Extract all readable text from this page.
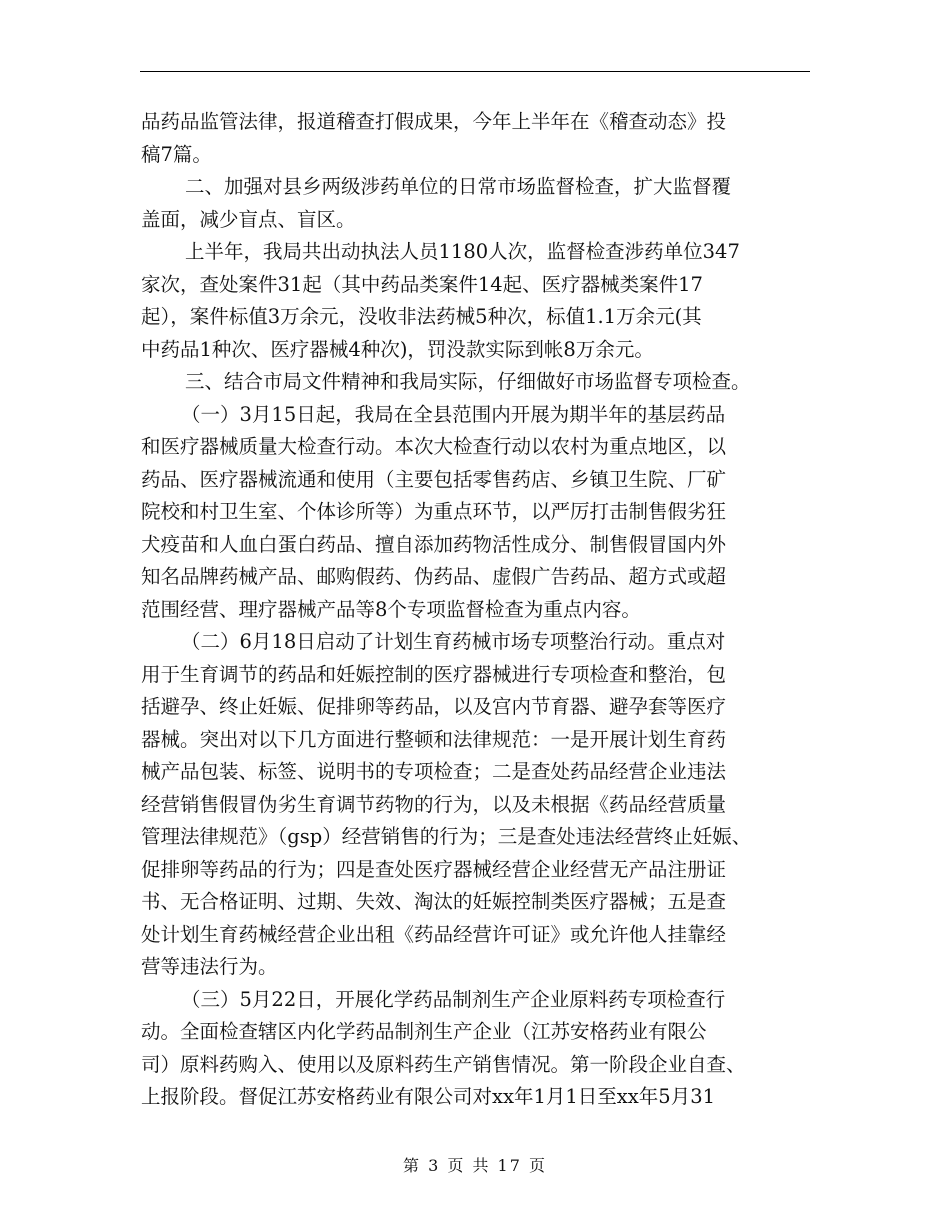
品药品监管法律，报道稽查打假成果，今年上半年在《稽查动态》投
稿7篇。
二、加强对县乡两级涉药单位的日常市场监督检查，扩大监督覆
盖面，减少盲点、盲区。
上半年，我局共出动执法人员1180人次，监督检查涉药单位347
家次，查处案件31起（其中药品类案件14起、医疗器械类案件17
起），案件标值3万余元，没收非法药械5种次，标值1.1万余元(其
中药品1种次、医疗器械4种次)，罚没款实际到帐8万余元。
三、结合市局文件精神和我局实际，仔细做好市场监督专项检查。
（一）3月15日起，我局在全县范围内开展为期半年的基层药品
和医疗器械质量大检查行动。本次大检查行动以农村为重点地区，以
药品、医疗器械流通和使用（主要包括零售药店、乡镇卫生院、厂矿
院校和村卫生室、个体诊所等）为重点环节，以严厉打击制售假劣狂
犬疫苗和人血白蛋白药品、擅自添加药物活性成分、制售假冒国内外
知名品牌药械产品、邮购假药、伪药品、虚假广告药品、超方式或超
范围经营、理疗器械产品等8个专项监督检查为重点内容。
（二）6月18日启动了计划生育药械市场专项整治行动。重点对
用于生育调节的药品和妊娠控制的医疗器械进行专项检查和整治，包
括避孕、终止妊娠、促排卵等药品，以及宫内节育器、避孕套等医疗
器械。突出对以下几方面进行整顿和法律规范：一是开展计划生育药
械产品包装、标签、说明书的专项检查；二是查处药品经营企业违法
经营销售假冒伪劣生育调节药物的行为，以及未根据《药品经营质量
管理法律规范》（gsp）经营销售的行为；三是查处违法经营终止妊娠、
促排卵等药品的行为；四是查处医疗器械经营企业经营无产品注册证
书、无合格证明、过期、失效、淘汰的妊娠控制类医疗器械；五是查
处计划生育药械经营企业出租《药品经营许可证》或允许他人挂靠经
营等违法行为。
（三）5月22日，开展化学药品制剂生产企业原料药专项检查行
动。全面检查辖区内化学药品制剂生产企业（江苏安格药业有限公
司）原料药购入、使用以及原料药生产销售情况。第一阶段企业自查、
上报阶段。督促江苏安格药业有限公司对xx年1月1日至xx年5月31
第 3 页 共 17 页
